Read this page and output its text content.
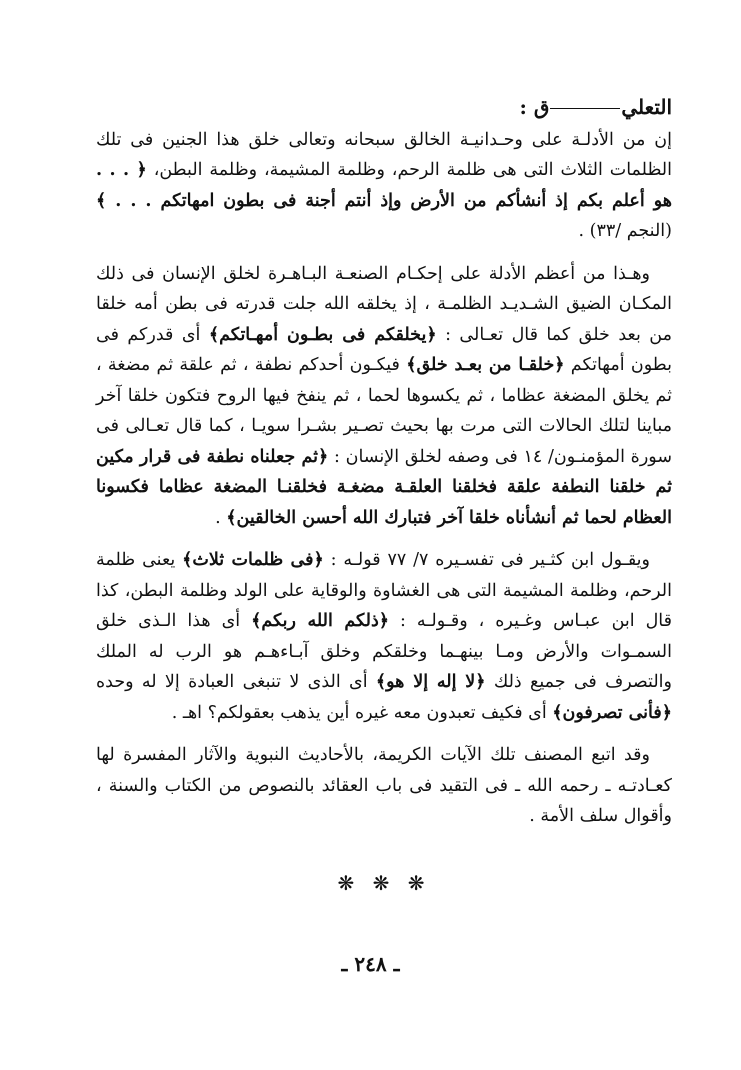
التعليق :

إن من الأدلـة على وحـدانيـة الخالق سبحانه وتعالى خلق هذا الجنين فى تلك الظلمات الثلاث التى هى ظلمة الرحم، وظلمة المشيمة، وظلمة البطن، ﴿ . . . هو أعلم بكم إذ أنشأكم من الأرض وإذ أنتم أجنة فى بطون امهاتكم . . . ﴾ (النجم /٣٣) .

وهـذا من أعظم الأدلة على إحكـام الصنعـة البـاهـرة لخلق الإنسان فى ذلك المكـان الضيق الشـديـد الظلمـة ، إذ يخلقه الله جلت قدرته فى بطن أمه خلقا من بعد خلق كما قال تعـالى : ﴿يخلقكم فى بطـون أمهـاتكم﴾ أى قدركم فى بطون أمهاتكم ﴿خلقـا من بعـد خلق﴾ فيكـون أحدكم نطفة ، ثم علقة ثم مضغة ، ثم يخلق المضغة عظاما ، ثم يكسوها لحما ، ثم ينفخ فيها الروح فتكون خلقا آخر مباينا لتلك الحالات التى مرت بها بحيث تصـير بشـرا سويـا ، كما قال تعـالى فى سورة المؤمنـون/ ١٤ فى وصفه لخلق الإنسان : ﴿ثم جعلناه نطفة فى قرار مكين ثم خلقنا النطفة علقة فخلقنا العلقـة مضغـة فخلقنـا المضغة عظاما فكسونا العظام لحما ثم أنشأناه خلقا آخر فتبارك الله أحسن الخالقين﴾ .

ويقـول ابن كثـير فى تفسـيره ٧/ ٧٧ قولـه : ﴿فى ظلمات ثلاث﴾ يعنى ظلمة الرحم، وظلمة المشيمة التى هى الغشاوة والوقاية على الولد وظلمة البطن، كذا قال ابن عبـاس وغـيره ، وقـولـه : ﴿ذلكم الله ربكم﴾ أى هذا الـذى خلق السمـوات والأرض ومـا بينهـما وخلقكم وخلق آبـاءهـم هو الرب له الملك والتصرف فى جميع ذلك ﴿لا إله إلا هو﴾ أى الذى لا تنبغى العبادة إلا له وحده ﴿فأنى تصرفون﴾ أى فكيف تعبدون معه غيره أين يذهب بعقولكم؟ اهـ .

وقد اتبع المصنف تلك الآيات الكريمة، بالأحاديث النبوية والآثار المفسرة لها كعـادتـه ـ رحمه الله ـ فى التقيد فى باب العقائد بالنصوص من الكتاب والسنة ، وأقوال سلف الأمة .

❋ ❋ ❋
ـ ٢٤٨ ـ
